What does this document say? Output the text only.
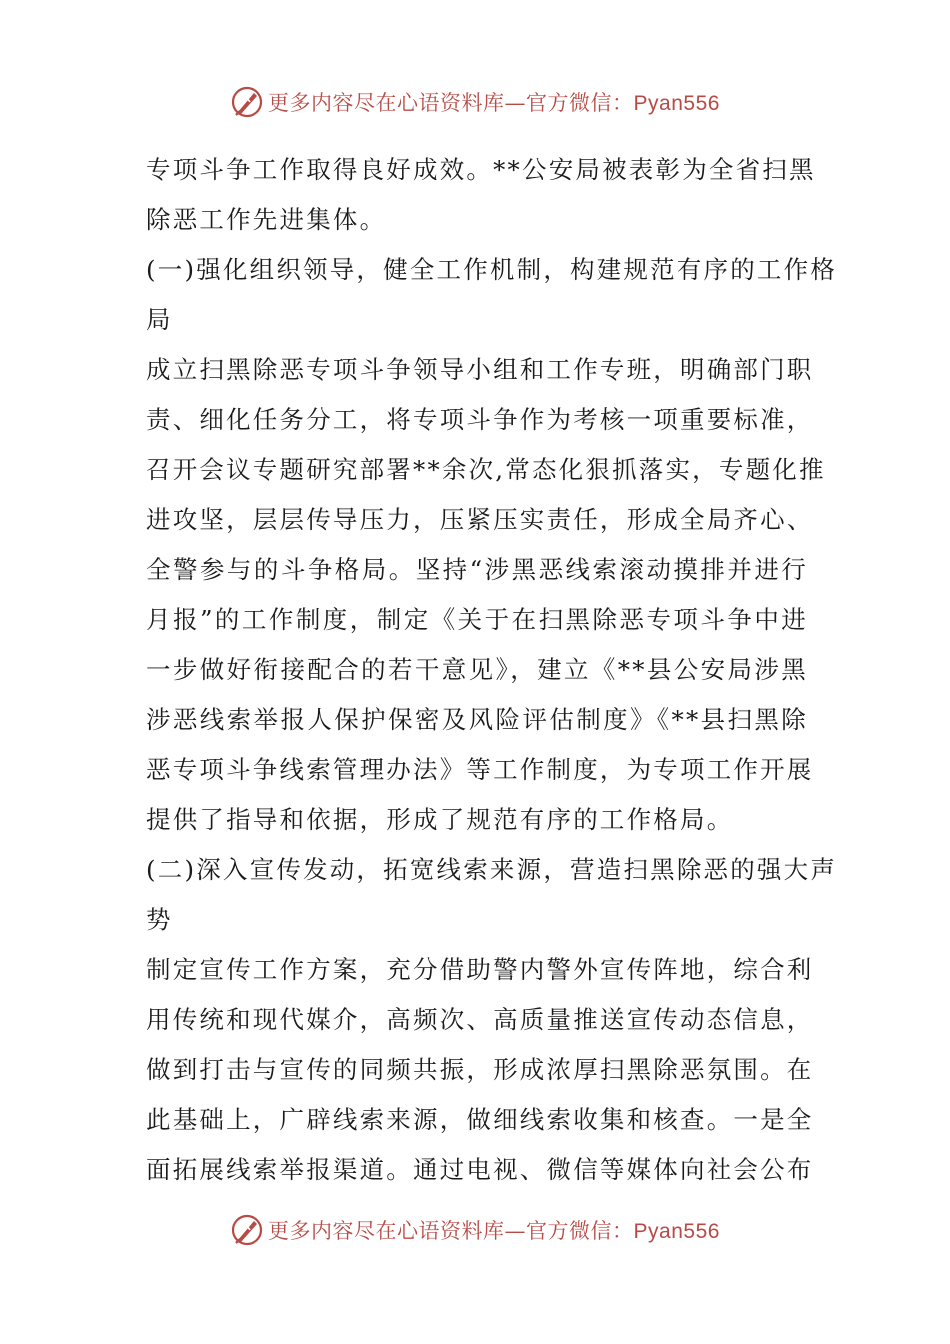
更多内容尽在心语资料库—官方微信：Pyan556
专项斗争工作取得良好成效。**公安局被表彰为全省扫黑
除恶工作先进集体。
(一)强化组织领导，健全工作机制，构建规范有序的工作格
局
成立扫黑除恶专项斗争领导小组和工作专班，明确部门职
责、细化任务分工，将专项斗争作为考核一项重要标准，
召开会议专题研究部署**余次,常态化狠抓落实，专题化推
进攻坚，层层传导压力，压紧压实责任，形成全局齐心、
全警参与的斗争格局。坚持“涉黑恶线索滚动摸排并进行
月报”的工作制度，制定《关于在扫黑除恶专项斗争中进
一步做好衔接配合的若干意见》，建立《**县公安局涉黑
涉恶线索举报人保护保密及风险评估制度》《**县扫黑除
恶专项斗争线索管理办法》等工作制度，为专项工作开展
提供了指导和依据，形成了规范有序的工作格局。
(二)深入宣传发动，拓宽线索来源，营造扫黑除恶的强大声
势
制定宣传工作方案，充分借助警内警外宣传阵地，综合利
用传统和现代媒介，高频次、高质量推送宣传动态信息，
做到打击与宣传的同频共振，形成浓厚扫黑除恶氛围。在
此基础上，广辟线索来源，做细线索收集和核查。一是全
面拓展线索举报渠道。通过电视、微信等媒体向社会公布
更多内容尽在心语资料库—官方微信：Pyan556
